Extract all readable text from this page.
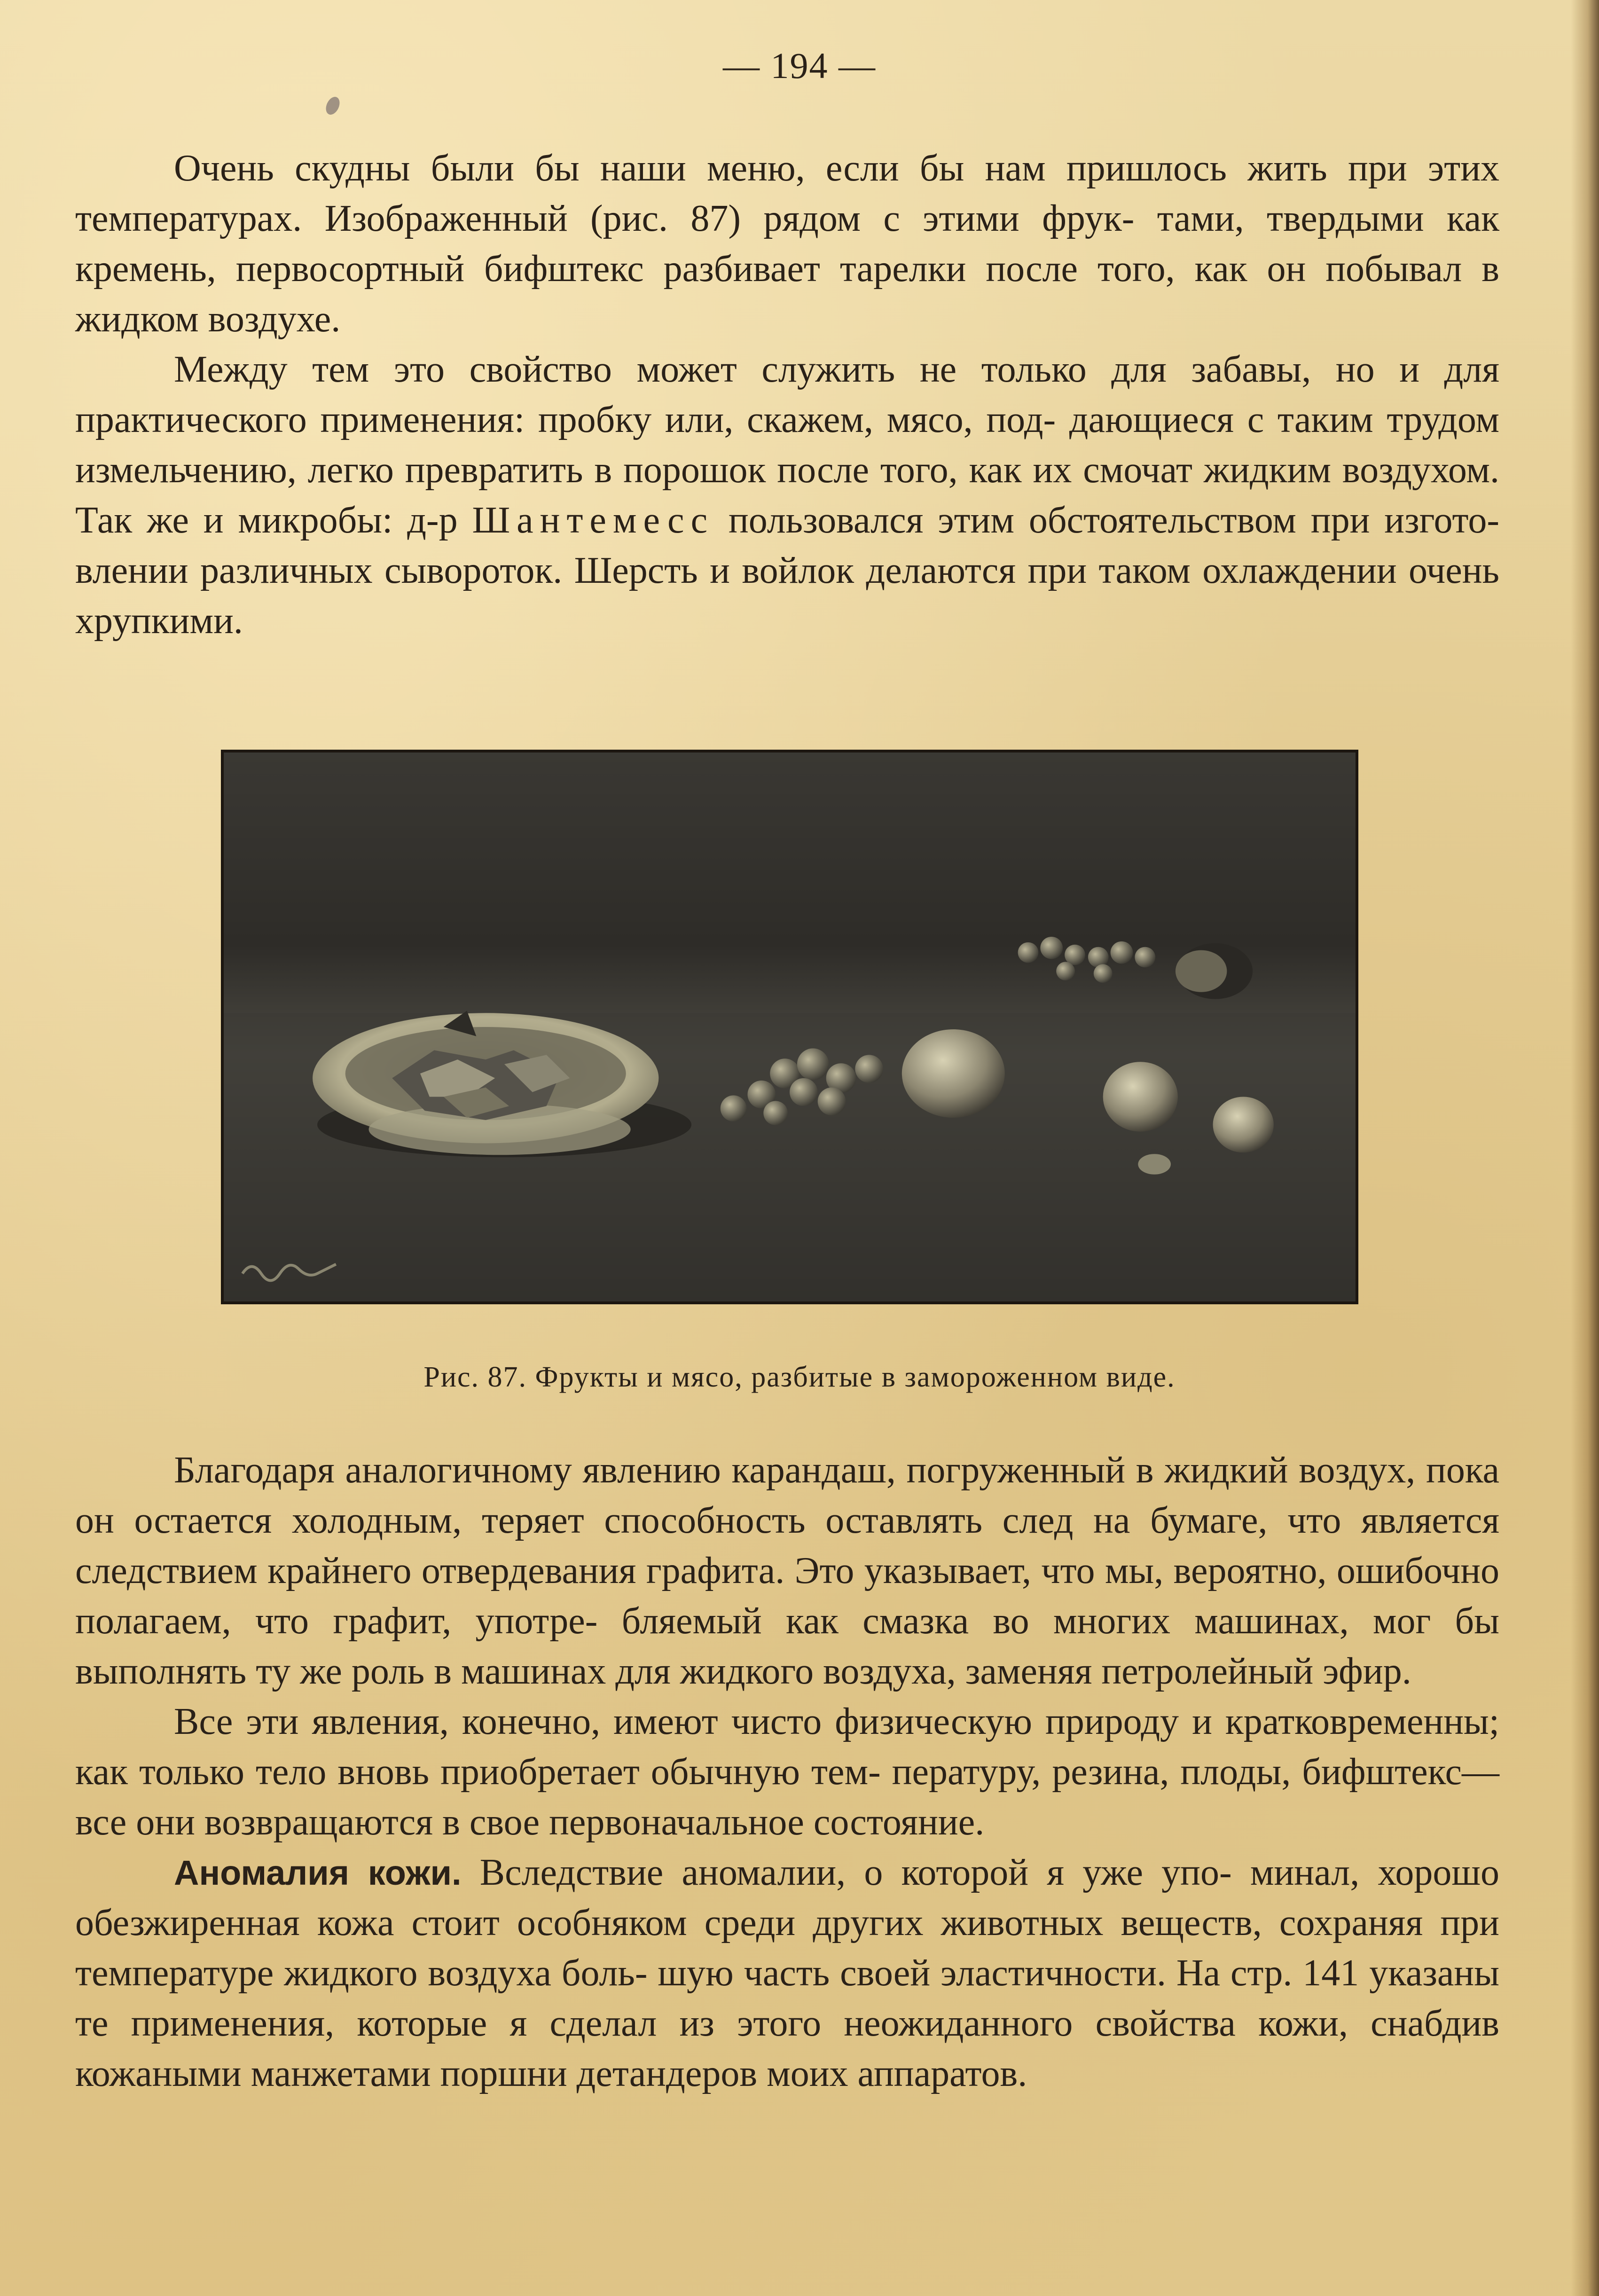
— 194 —

Очень скудны были бы наши меню, если бы нам пришлось жить при этих температурах. Изображенный (рис. 87) рядом с этими фрук- тами, твердыми как кремень, первосортный бифштекс разбивает тарелки после того, как он побывал в жидком воздухе.

Между тем это свойство может служить не только для забавы, но и для практического применения: пробку или, скажем, мясо, под- дающиеся с таким трудом измельчению, легко превратить в порошок после того, как их смочат жидким воздухом. Так же и микробы: д-р Шантемесс пользовался этим обстоятельством при изгото- влении различных сывороток. Шерсть и войлок делаются при таком охлаждении очень хрупкими.

Рис. 87. Фрукты и мясо, разбитые в замороженном виде.

Благодаря аналогичному явлению карандаш, погруженный в жидкий воздух, пока он остается холодным, теряет способность оставлять след на бумаге, что является следствием крайнего отвердевания графита. Это указывает, что мы, вероятно, ошибочно полагаем, что графит, употре- бляемый как смазка во многих машинах, мог бы выполнять ту же роль в машинах для жидкого воздуха, заменяя петролейный эфир.

Все эти явления, конечно, имеют чисто физическую природу и кратковременны; как только тело вновь приобретает обычную тем- пературу, резина, плоды, бифштекс—все они возвращаются в свое первоначальное состояние.

Аномалия кожи. Вследствие аномалии, о которой я уже упо- минал, хорошо обезжиренная кожа стоит особняком среди других животных веществ, сохраняя при температуре жидкого воздуха боль- шую часть своей эластичности. На стр. 141 указаны те применения, которые я сделал из этого неожиданного свойства кожи, снабдив кожаными манжетами поршни детандеров моих аппаратов.
